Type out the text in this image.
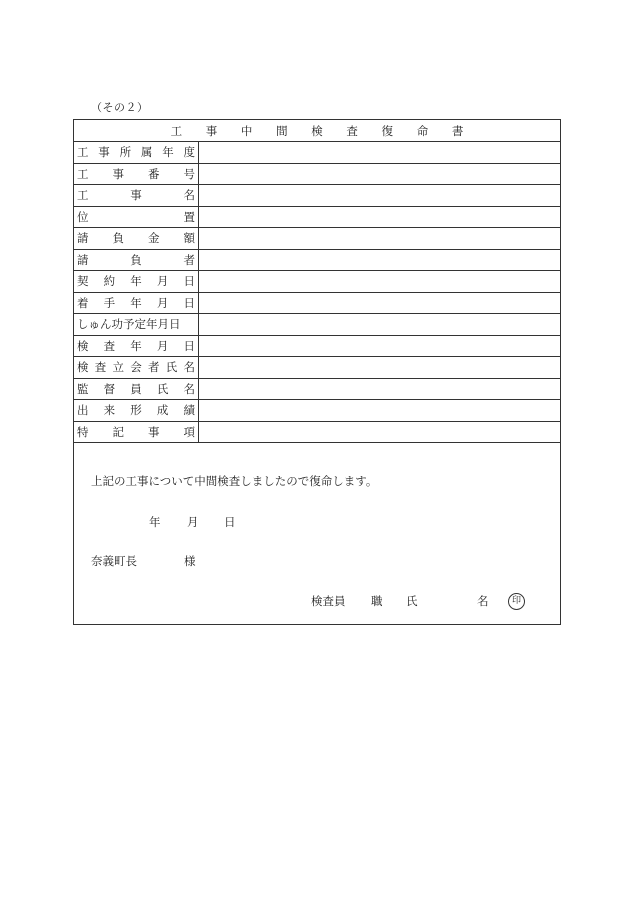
（その２）
工 事 中 間 検 査 復 命 書
工 事 所 属 年 度
工 事 番 号
工	事	名
位	置
請 負 金 額
請	負	者
契 約 年 月 日
着 手 年 月 日
しゅん功予定年月日
検 査 年 月 日
検 査 立 会 者 氏 名
監 督 員 氏 名
出 来 形 成 績
特 記 事 項
上記の工事について中間検査しましたので復命します。
年 月 日
奈義町長	様
検査員 職 氏	名	印
